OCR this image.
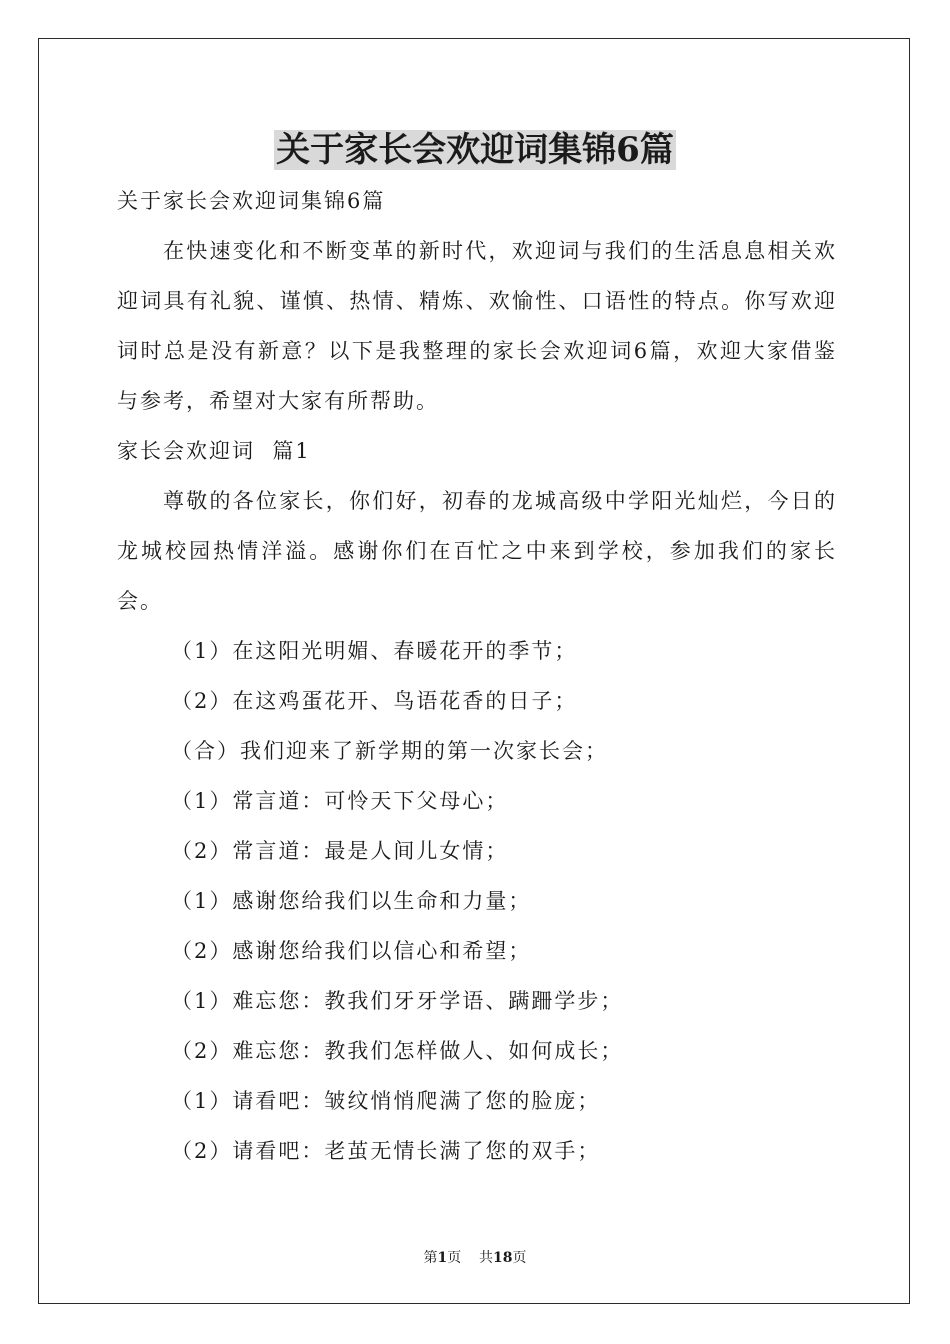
关于家长会欢迎词集锦6篇

关于家长会欢迎词集锦6篇

在快速变化和不断变革的新时代，欢迎词与我们的生活息息相关欢迎词具有礼貌、谨慎、热情、精炼、欢愉性、口语性的特点。你写欢迎词时总是没有新意？以下是我整理的家长会欢迎词6篇，欢迎大家借鉴与参考，希望对大家有所帮助。

家长会欢迎词  篇1

尊敬的各位家长，你们好，初春的龙城高级中学阳光灿烂，今日的龙城校园热情洋溢。感谢你们在百忙之中来到学校，参加我们的家长会。

（1）在这阳光明媚、春暖花开的季节；

（2）在这鸡蛋花开、鸟语花香的日子；

（合）我们迎来了新学期的第一次家长会；

（1）常言道：可怜天下父母心；

（2）常言道：最是人间儿女情；

（1）感谢您给我们以生命和力量；

（2）感谢您给我们以信心和希望；

（1）难忘您：教我们牙牙学语、蹒跚学步；

（2）难忘您：教我们怎样做人、如何成长；

（1）请看吧：皱纹悄悄爬满了您的脸庞；

（2）请看吧：老茧无情长满了您的双手；

第1页 共18页
